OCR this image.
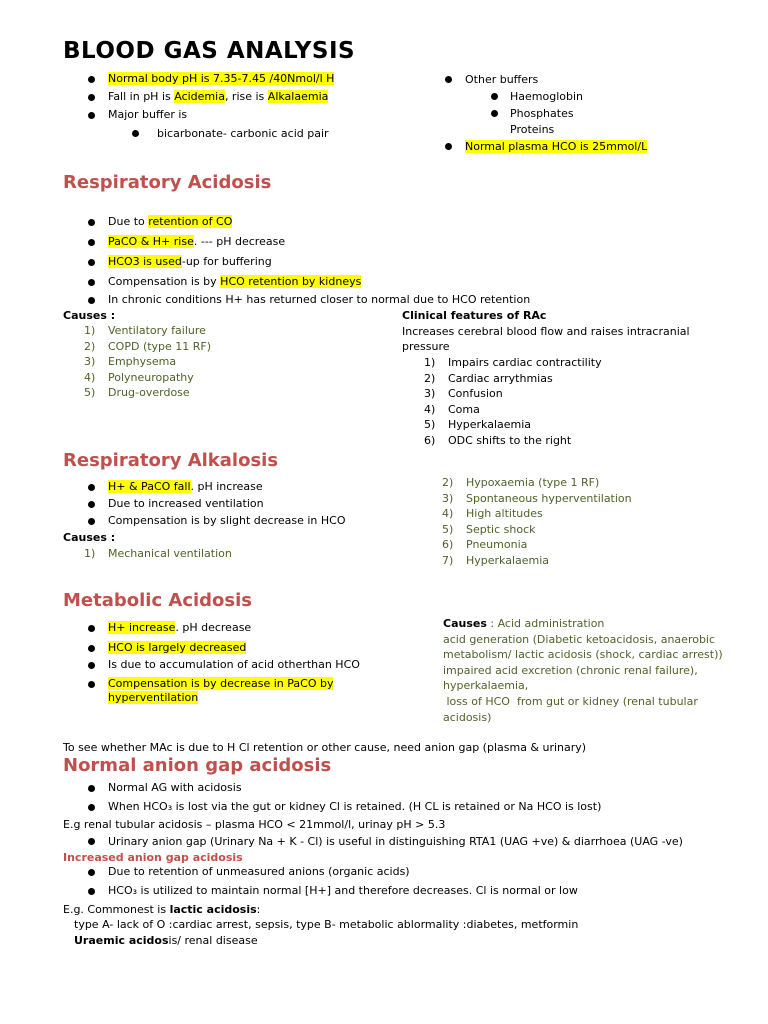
BLOOD GAS ANALYSIS
Normal body pH is 7.35-7.45 /40Nmol/l H
Fall in pH is Acidemia, rise is Alkalaemia
Major buffer is
bicarbonate- carbonic acid pair
Other buffers
Haemoglobin
Phosphates
Proteins
Normal plasma HCO is 25mmol/L
Respiratory Acidosis
Due to retention of CO
PaCO & H+ rise. --- pH decrease
HCO3 is used-up for buffering
Compensation is by HCO retention by kidneys
In chronic conditions H+ has returned closer to normal due to HCO retention
Causes :
1) Ventilatory failure
2) COPD (type 11 RF)
3) Emphysema
4) Polyneuropathy
5) Drug-overdose
Clinical features of RAc
Increases cerebral blood flow and raises intracranial
pressure
1) Impairs cardiac contractility
2) Cardiac arrythmias
3) Confusion
4) Coma
5) Hyperkalaemia
6) ODC shifts to the right
Respiratory Alkalosis
H+ & PaCO fall. pH increase
Due to increased ventilation
Compensation is by slight decrease in HCO
Causes :
1) Mechanical ventilation
2) Hypoxaemia (type 1 RF)
3) Spontaneous hyperventilation
4) High altitudes
5) Septic shock
6) Pneumonia
7) Hyperkalaemia
Metabolic Acidosis
H+ increase. pH decrease
HCO is largely decreased
Is due to accumulation of acid otherthan HCO
Compensation is by decrease in PaCO by
hyperventilation
Causes : Acid administration
acid generation (Diabetic ketoacidosis, anaerobic
metabolism/ lactic acidosis (shock, cardiac arrest))
impaired acid excretion (chronic renal failure),
hyperkalaemia,
loss of HCO  from gut or kidney (renal tubular
acidosis)
To see whether MAc is due to H Cl retention or other cause, need anion gap (plasma & urinary)
Normal anion gap acidosis
Normal AG with acidosis
When HCO₃ is lost via the gut or kidney Cl is retained. (H CL is retained or Na HCO is lost)
E.g renal tubular acidosis – plasma HCO < 21mmol/l, urinay pH > 5.3
Urinary anion gap (Urinary Na + K - Cl) is useful in distinguishing RTA1 (UAG +ve) & diarrhoea (UAG -ve)
Increased anion gap acidosis
Due to retention of unmeasured anions (organic acids)
HCO₃ is utilized to maintain normal [H+] and therefore decreases. Cl is normal or low
E.g. Commonest is lactic acidosis:
type A- lack of O :cardiac arrest, sepsis, type B- metabolic ablormality :diabetes, metformin
Uraemic acidosis/ renal disease
